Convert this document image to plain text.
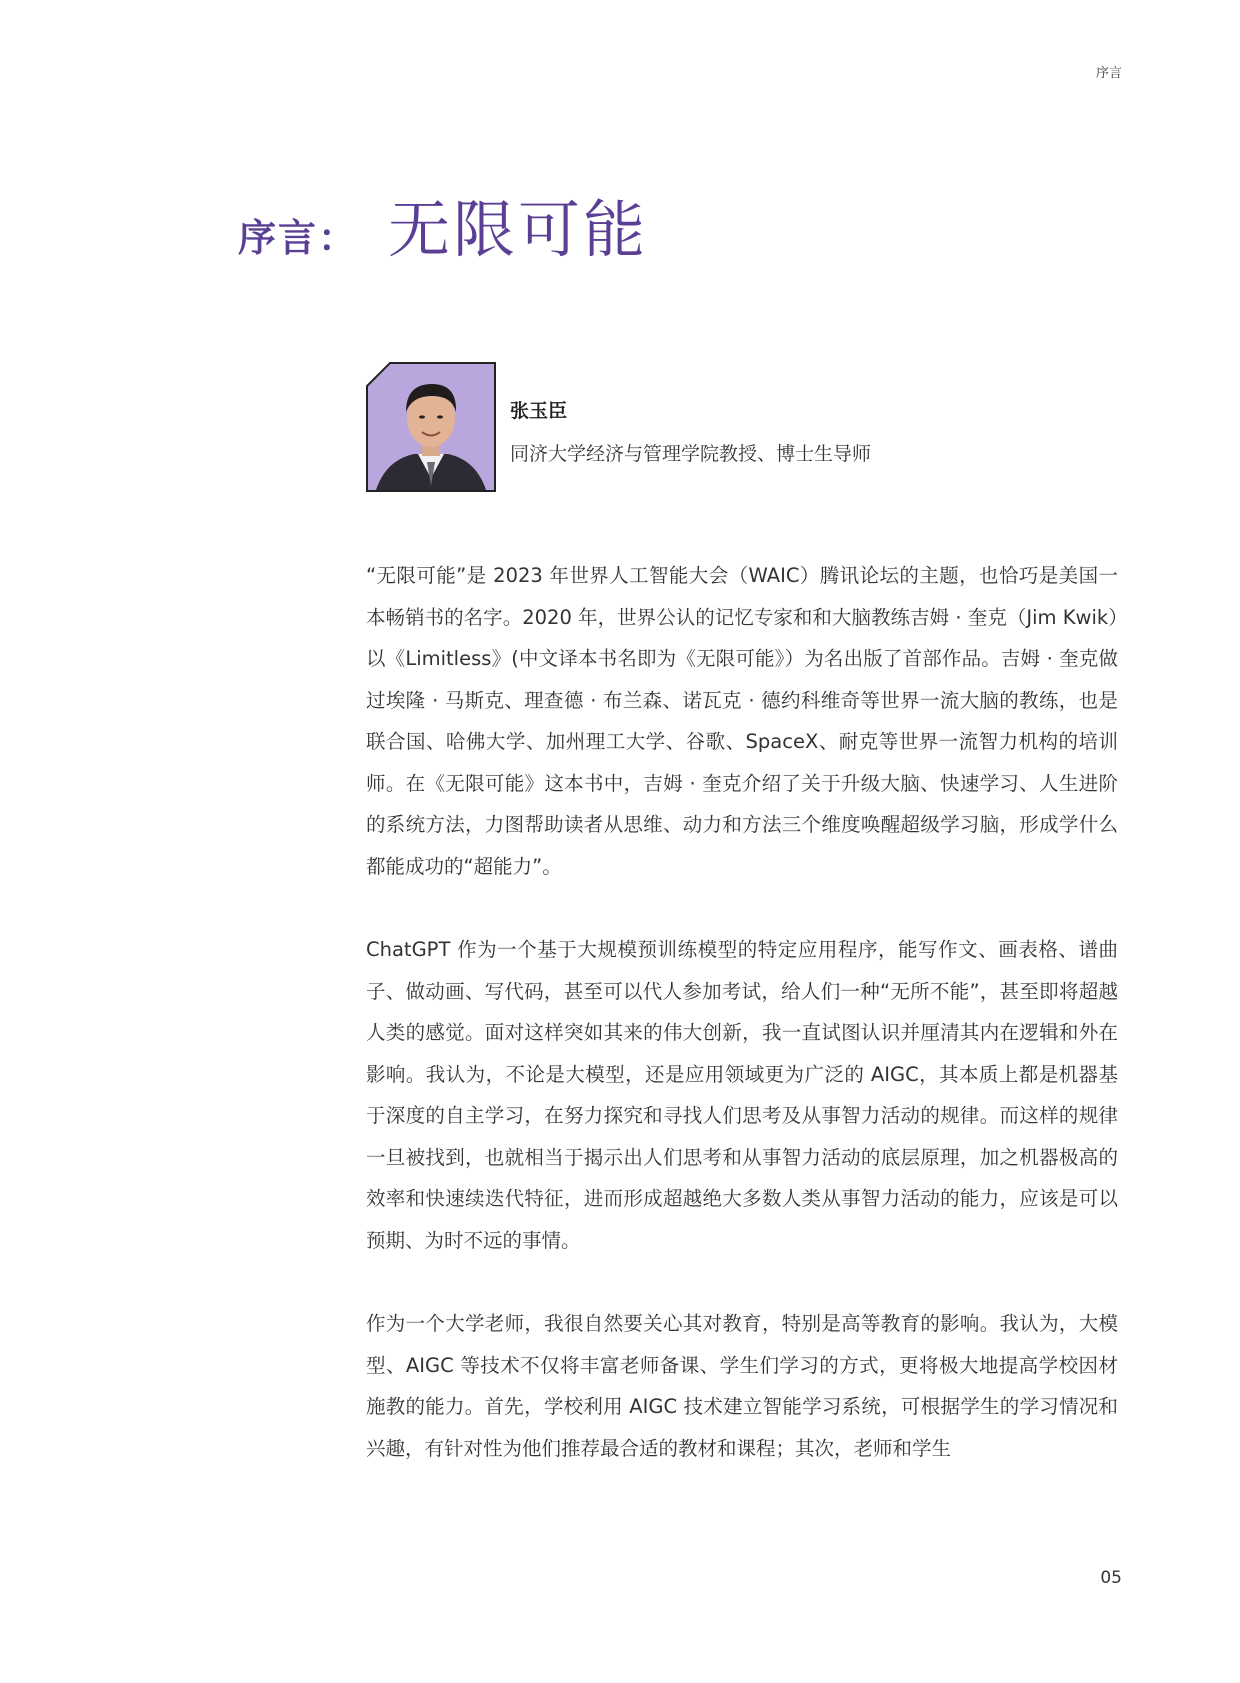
序言
序言： 无限可能
张玉臣
同济大学经济与管理学院教授、博士生导师

“无限可能”是 2023 年世界人工智能大会（WAIC）腾讯论坛的主题，也恰巧是美国一本畅销书的名字。2020 年，世界公认的记忆专家和和大脑教练吉姆 · 奎克（Jim Kwik）以《Limitless》(中文译本书名即为《无限可能》）为名出版了首部作品。吉姆 · 奎克做过埃隆 · 马斯克、理查德 · 布兰森、诺瓦克 · 德约科维奇等世界一流大脑的教练，也是联合国、哈佛大学、加州理工大学、谷歌、SpaceX、耐克等世界一流智力机构的培训师。在《无限可能》这本书中，吉姆 · 奎克介绍了关于升级大脑、快速学习、人生进阶的系统方法，力图帮助读者从思维、动力和方法三个维度唤醒超级学习脑，形成学什么都能成功的“超能力”。

ChatGPT 作为一个基于大规模预训练模型的特定应用程序，能写作文、画表格、谱曲子、做动画、写代码，甚至可以代人参加考试，给人们一种“无所不能”，甚至即将超越人类的感觉。面对这样突如其来的伟大创新，我一直试图认识并厘清其内在逻辑和外在影响。我认为，不论是大模型，还是应用领域更为广泛的 AIGC，其本质上都是机器基于深度的自主学习，在努力探究和寻找人们思考及从事智力活动的规律。而这样的规律一旦被找到，也就相当于揭示出人们思考和从事智力活动的底层原理，加之机器极高的效率和快速续迭代特征，进而形成超越绝大多数人类从事智力活动的能力，应该是可以预期、为时不远的事情。

作为一个大学老师，我很自然要关心其对教育，特别是高等教育的影响。我认为，大模型、AIGC 等技术不仅将丰富老师备课、学生们学习的方式，更将极大地提高学校因材施教的能力。首先，学校利用 AIGC 技术建立智能学习系统，可根据学生的学习情况和兴趣，有针对性为他们推荐最合适的教材和课程；其次，老师和学生

05
